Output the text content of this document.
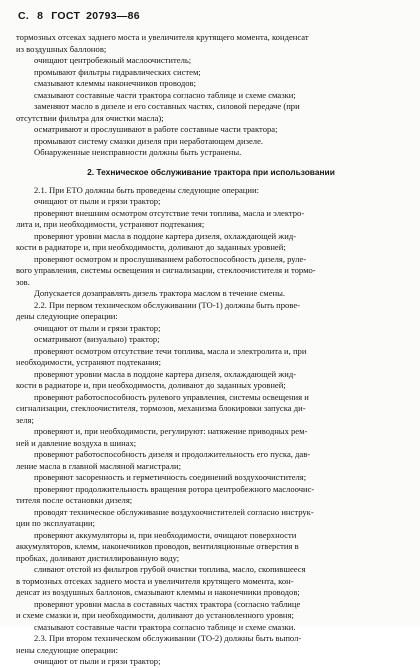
С. 8 ГОСТ 20793—86
тормозных отсеках заднего моста и увеличителя крутящего момента, конденсат
из воздушных баллонов;
очищают центробежный маслоочиститель;
промывают фильтры гидравлических систем;
смазывают клеммы наконечников проводов;
смазывают составные части трактора согласно таблице и схеме смазки;
заменяют масло в дизеле и его составных частях, силовой передаче (при
отсутствии фильтра для очистки масла);
осматривают и прослушивают в работе составные части трактора;
промывают систему смазки дизеля при неработающем дизеле.
Обнаруженные неисправности должны быть устранены.
2. Техническое обслуживание трактора при использовании
2.1. При ЕТО должны быть проведены следующие операции:
очищают от пыли и грязи трактор;
проверяют внешним осмотром отсутствие течи топлива, масла и электро-
лита и, при необходимости, устраняют подтекания;
проверяют уровни масла в поддоне картера дизеля, охлаждающей жид-
кости в радиаторе и, при необходимости, доливают до заданных уровней;
проверяют осмотром и прослушиванием работоспособность дизеля, руле-
вого управления, системы освещения и сигнализации, стеклоочистителя и тормо-
зов.
Допускается дозаправлять дизель трактора маслом в течение смены.
2.2. При первом техническом обслуживании (ТО-1) должны быть прове-
дены следующие операции:
очищают от пыли и грязи трактор;
осматривают (визуально) трактор;
проверяют осмотром отсутствие течи топлива, масла и электролита и, при
необходимости, устраняют подтекания;
проверяют уровни масла в поддоне картера дизеля, охлаждающей жид-
кости в радиаторе и, при необходимости, доливают до заданных уровней;
проверяют работоспособность рулевого управления, системы освещения и
сигнализации, стеклоочистителя, тормозов, механизма блокировки запуска ди-
зеля;
проверяют и, при необходимости, регулируют: натяжение приводных рем-
ней и давление воздуха в шинах;
проверяют работоспособность дизеля и продолжительность его пуска, дав-
ление масла в главной масляной магистрали;
проверяют засоренность и герметичность соединений воздухоочистителя;
проверяют продолжительность вращения ротора центробежного маслоочис-
тителя после остановки дизеля;
проводят техническое обслуживание воздухоочистителей согласно инструк-
ции по эксплуатации;
проверяют аккумуляторы и, при необходимости, очищают поверхности
аккумуляторов, клемм, наконечников проводов, вентиляционные отверстия в
пробках, доливают дистиллированную воду;
сливают отстой из фильтров грубой очистки топлива, масло, скопившееся
в тормозных отсеках заднего моста и увеличителя крутящего момента, кон-
денсат из воздушных баллонов, смазывают клеммы и наконечники проводов;
проверяют уровни масла в составных частях трактора (согласно таблице
и схеме смазки и, при необходимости, доливают до установленного уровня;
смазывают составные части трактора согласно таблице и схеме смазки.
2.3. При втором техническом обслуживании (ТО-2) должны быть выпол-
нены следующие операции:
очищают от пыли и грязи трактор;
